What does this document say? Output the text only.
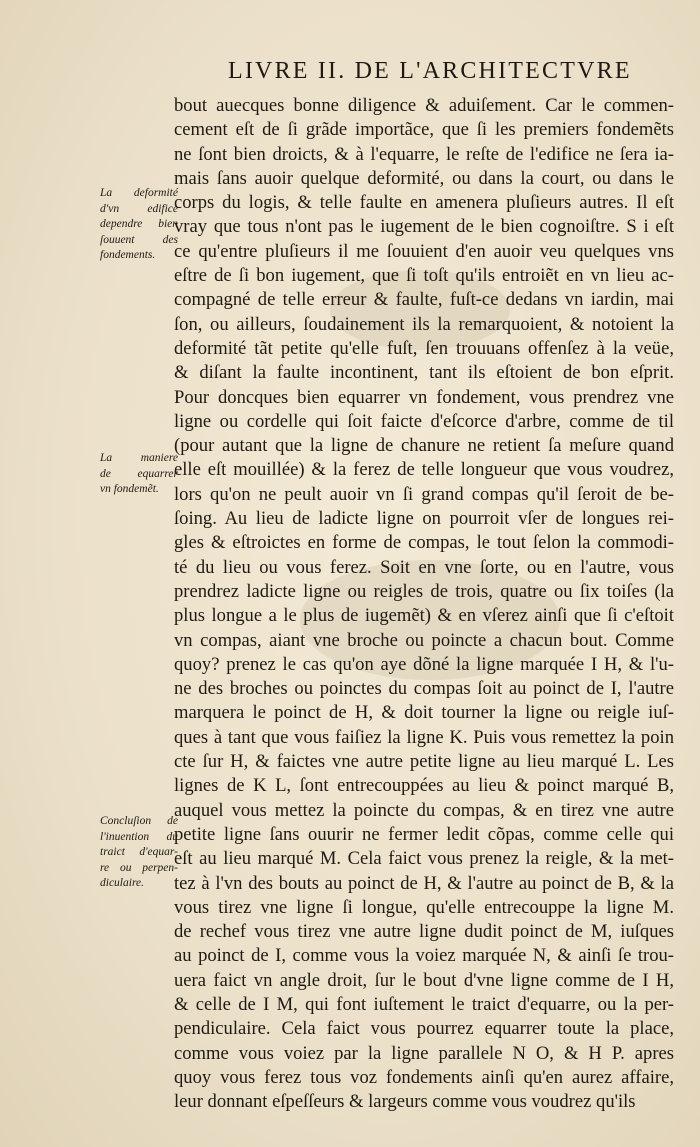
LIVRE II. DE L'ARCHITECTVRE
bout auecques bonne diligence & aduiſement. Car le commen-
cement eſt de ſi grãde importãce, que ſi les premiers fondemẽts
ne ſont bien droicts, & à l'equarre, le reſte de l'edifice ne ſera ia-
mais ſans auoir quelque deformité, ou dans la court, ou dans le
corps du logis, & telle faulte en amenera pluſieurs autres. Il eſt
vray que tous n'ont pas le iugement de le bien cognoiſtre. S i eſt
ce qu'entre pluſieurs il me ſouuient d'en auoir veu quelques vns
eſtre de ſi bon iugement, que ſi toſt qu'ils entroiẽt en vn lieu ac-
compagné de telle erreur & faulte, fuſt-ce dedans vn iardin, mai
ſon, ou ailleurs, ſoudainement ils la remarquoient, & notoient la
deformité tãt petite qu'elle fuſt, ſen trouuans offenſez à la veüe,
& diſant la faulte incontinent, tant ils eſtoient de bon eſprit.
Pour doncques bien equarrer vn fondement, vous prendrez vne
ligne ou cordelle qui ſoit faicte d'eſcorce d'arbre, comme de til
(pour autant que la ligne de chanure ne retient ſa meſure quand
elle eſt mouillée) & la ferez de telle longueur que vous voudrez,
lors qu'on ne peult auoir vn ſi grand compas qu'il ſeroit de be-
ſoing. Au lieu de ladicte ligne on pourroit vſer de longues rei-
gles & eſtroictes en forme de compas, le tout ſelon la commodi-
té du lieu ou vous ferez. Soit en vne ſorte, ou en l'autre, vous
prendrez ladicte ligne ou reigles de trois, quatre ou ſix toiſes (la
plus longue a le plus de iugemẽt) & en vſerez ainſi que ſi c'eſtoit
vn compas, aiant vne broche ou poincte a chacun bout. Comme
quoy? prenez le cas qu'on aye dõné la ligne marquée I H, & l'u-
ne des broches ou poinctes du compas ſoit au poinct de I, l'autre
marquera le poinct de H, & doit tourner la ligne ou reigle iuſ-
ques à tant que vous faiſiez la ligne K. Puis vous remettez la poin
cte ſur H, & faictes vne autre petite ligne au lieu marqué L. Les
lignes de K L, ſont entrecouppées au lieu & poinct marqué B,
auquel vous mettez la poincte du compas, & en tirez vne autre
petite ligne ſans ouurir ne fermer ledit cõpas, comme celle qui
eſt au lieu marqué M. Cela faict vous prenez la reigle, & la met-
tez à l'vn des bouts au poinct de H, & l'autre au poinct de B, & la
vous tirez vne ligne ſi longue, qu'elle entrecouppe la ligne M.
de rechef vous tirez vne autre ligne dudit poinct de M, iuſques
au poinct de I, comme vous la voiez marquée N, & ainſi ſe trou-
uera faict vn angle droit, ſur le bout d'vne ligne comme de I H,
& celle de I M, qui font iuſtement le traict d'equarre, ou la per-
pendiculaire. Cela faict vous pourrez equarrer toute la place,
comme vous voiez par la ligne parallele N O, & H P. apres
quoy vous ferez tous voz fondements ainſi qu'en aurez affaire,
leur donnant eſpeſſeurs & largeurs comme vous voudrez qu'ils
La deformité
d'vn edifice
dependre bien
ſouuent des
fondements.
La maniere
de equarrer
vn fondemẽt.
Concluſion de
l'inuention du
traict d'equar-
re ou perpen-
diculaire.
